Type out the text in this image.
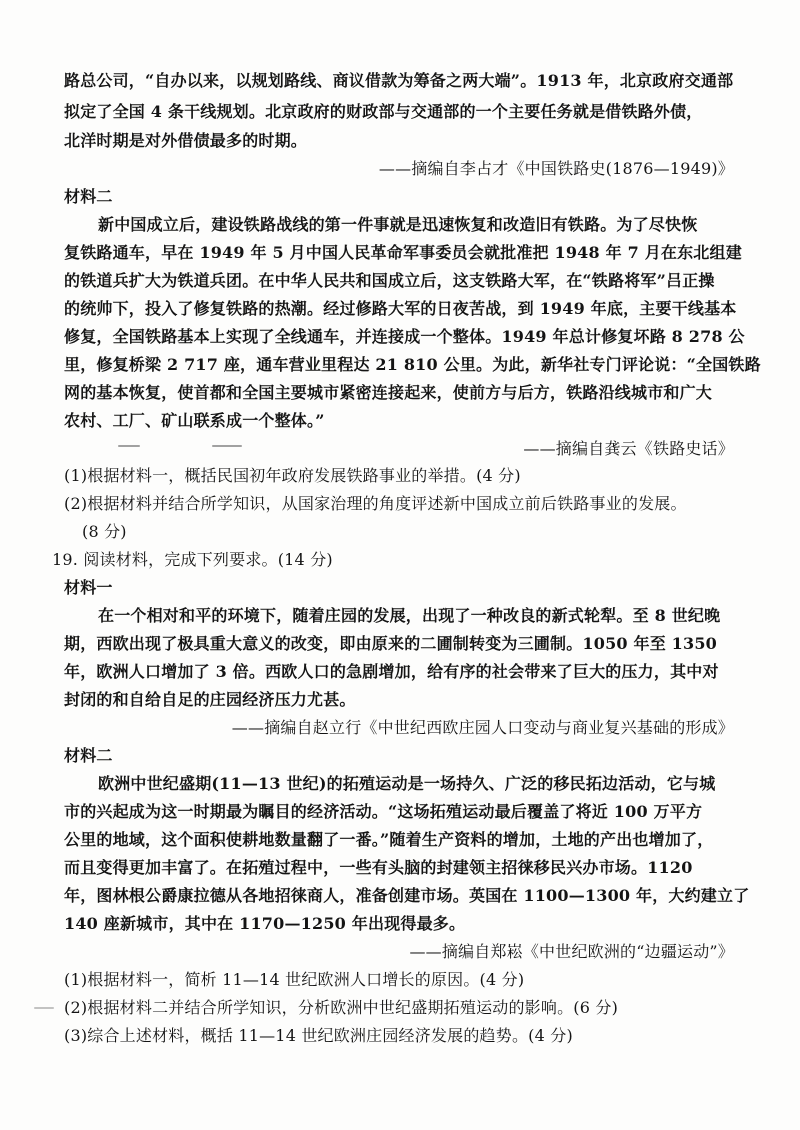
路总公司，“自办以来，以规划路线、商议借款为筹备之两大端”。1913 年，北京政府交通部
拟定了全国 4 条干线规划。北京政府的财政部与交通部的一个主要任务就是借铁路外债，
北洋时期是对外借债最多的时期。
——摘编自李占才《中国铁路史(1876—1949)》
材料二
新中国成立后，建设铁路战线的第一件事就是迅速恢复和改造旧有铁路。为了尽快恢
复铁路通车，早在 1949 年 5 月中国人民革命军事委员会就批准把 1948 年 7 月在东北组建
的铁道兵扩大为铁道兵团。在中华人民共和国成立后，这支铁路大军，在“铁路将军”吕正操
的统帅下，投入了修复铁路的热潮。经过修路大军的日夜苦战，到 1949 年底，主要干线基本
修复，全国铁路基本上实现了全线通车，并连接成一个整体。1949 年总计修复坏路 8 278 公
里，修复桥梁 2 717 座，通车营业里程达 21 810 公里。为此，新华社专门评论说：“全国铁路
网的基本恢复，使首都和全国主要城市紧密连接起来，使前方与后方，铁路沿线城市和广大
农村、工厂、矿山联系成一个整体。”
——摘编自龚云《铁路史话》
(1)根据材料一，概括民国初年政府发展铁路事业的举措。(4 分)
(2)根据材料并结合所学知识，从国家治理的角度评述新中国成立前后铁路事业的发展。
(8 分)
19. 阅读材料，完成下列要求。(14 分)
材料一
在一个相对和平的环境下，随着庄园的发展，出现了一种改良的新式轮犁。至 8 世纪晚
期，西欧出现了极具重大意义的改变，即由原来的二圃制转变为三圃制。1050 年至 1350
年，欧洲人口增加了 3 倍。西欧人口的急剧增加，给有序的社会带来了巨大的压力，其中对
封闭的和自给自足的庄园经济压力尤甚。
——摘编自赵立行《中世纪西欧庄园人口变动与商业复兴基础的形成》
材料二
欧洲中世纪盛期(11—13 世纪)的拓殖运动是一场持久、广泛的移民拓边活动，它与城
市的兴起成为这一时期最为瞩目的经济活动。“这场拓殖运动最后覆盖了将近 100 万平方
公里的地域，这个面积使耕地数量翻了一番。”随着生产资料的增加，土地的产出也增加了，
而且变得更加丰富了。在拓殖过程中，一些有头脑的封建领主招徕移民兴办市场。1120
年，图林根公爵康拉德从各地招徕商人，准备创建市场。英国在 1100—1300 年，大约建立了
140 座新城市，其中在 1170—1250 年出现得最多。
——摘编自郑崧《中世纪欧洲的“边疆运动”》
(1)根据材料一，简析 11—14 世纪欧洲人口增长的原因。(4 分)
(2)根据材料二并结合所学知识，分析欧洲中世纪盛期拓殖运动的影响。(6 分)
(3)综合上述材料，概括 11—14 世纪欧洲庄园经济发展的趋势。(4 分)
